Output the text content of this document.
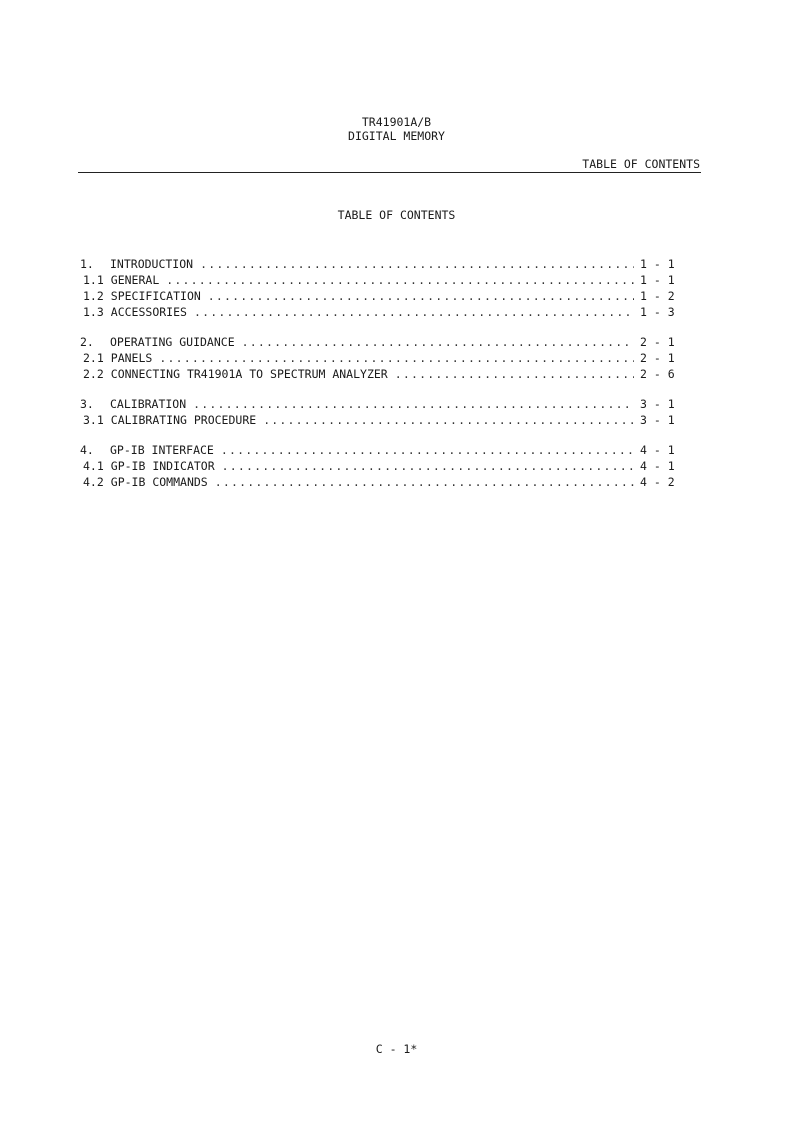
TR41901A/B
DIGITAL MEMORY
TABLE OF CONTENTS
TABLE OF CONTENTS
1.	INTRODUCTION .....	1 - 1
1.1 GENERAL .....	1 - 1
1.2 SPECIFICATION .....	1 - 2
1.3 ACCESSORIES .....	1 - 3
2.	OPERATING GUIDANCE .....	2 - 1
2.1 PANELS .....	2 - 1
2.2 CONNECTING TR41901A TO SPECTRUM ANALYZER .....	2 - 6
3.	CALIBRATION .....	3 - 1
3.1 CALIBRATING PROCEDURE .....	3 - 1
4.	GP-IB INTERFACE .....	4 - 1
4.1 GP-IB INDICATOR .....	4 - 1
4.2 GP-IB COMMANDS .....	4 - 2
C - 1*
